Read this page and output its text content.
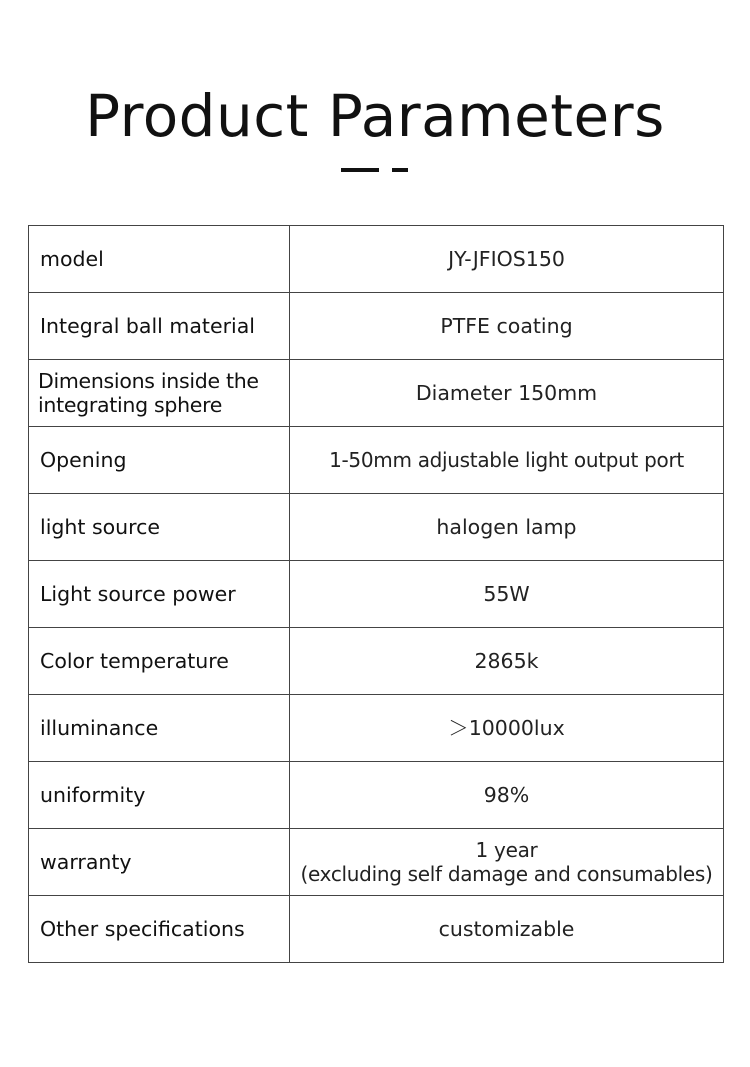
Product Parameters
model	JY-JFIOS150
Integral ball material	PTFE coating

Dimensions inside the
integrating sphere	Diameter 150mm
Opening	1-50mm adjustable light output port
light source	halogen lamp
Light source power	55W
Color temperature	2865k
illuminance	＞10000lux
uniformity	98%
warranty	1 year
(excluding self damage and consumables)

Other specifications	customizable
